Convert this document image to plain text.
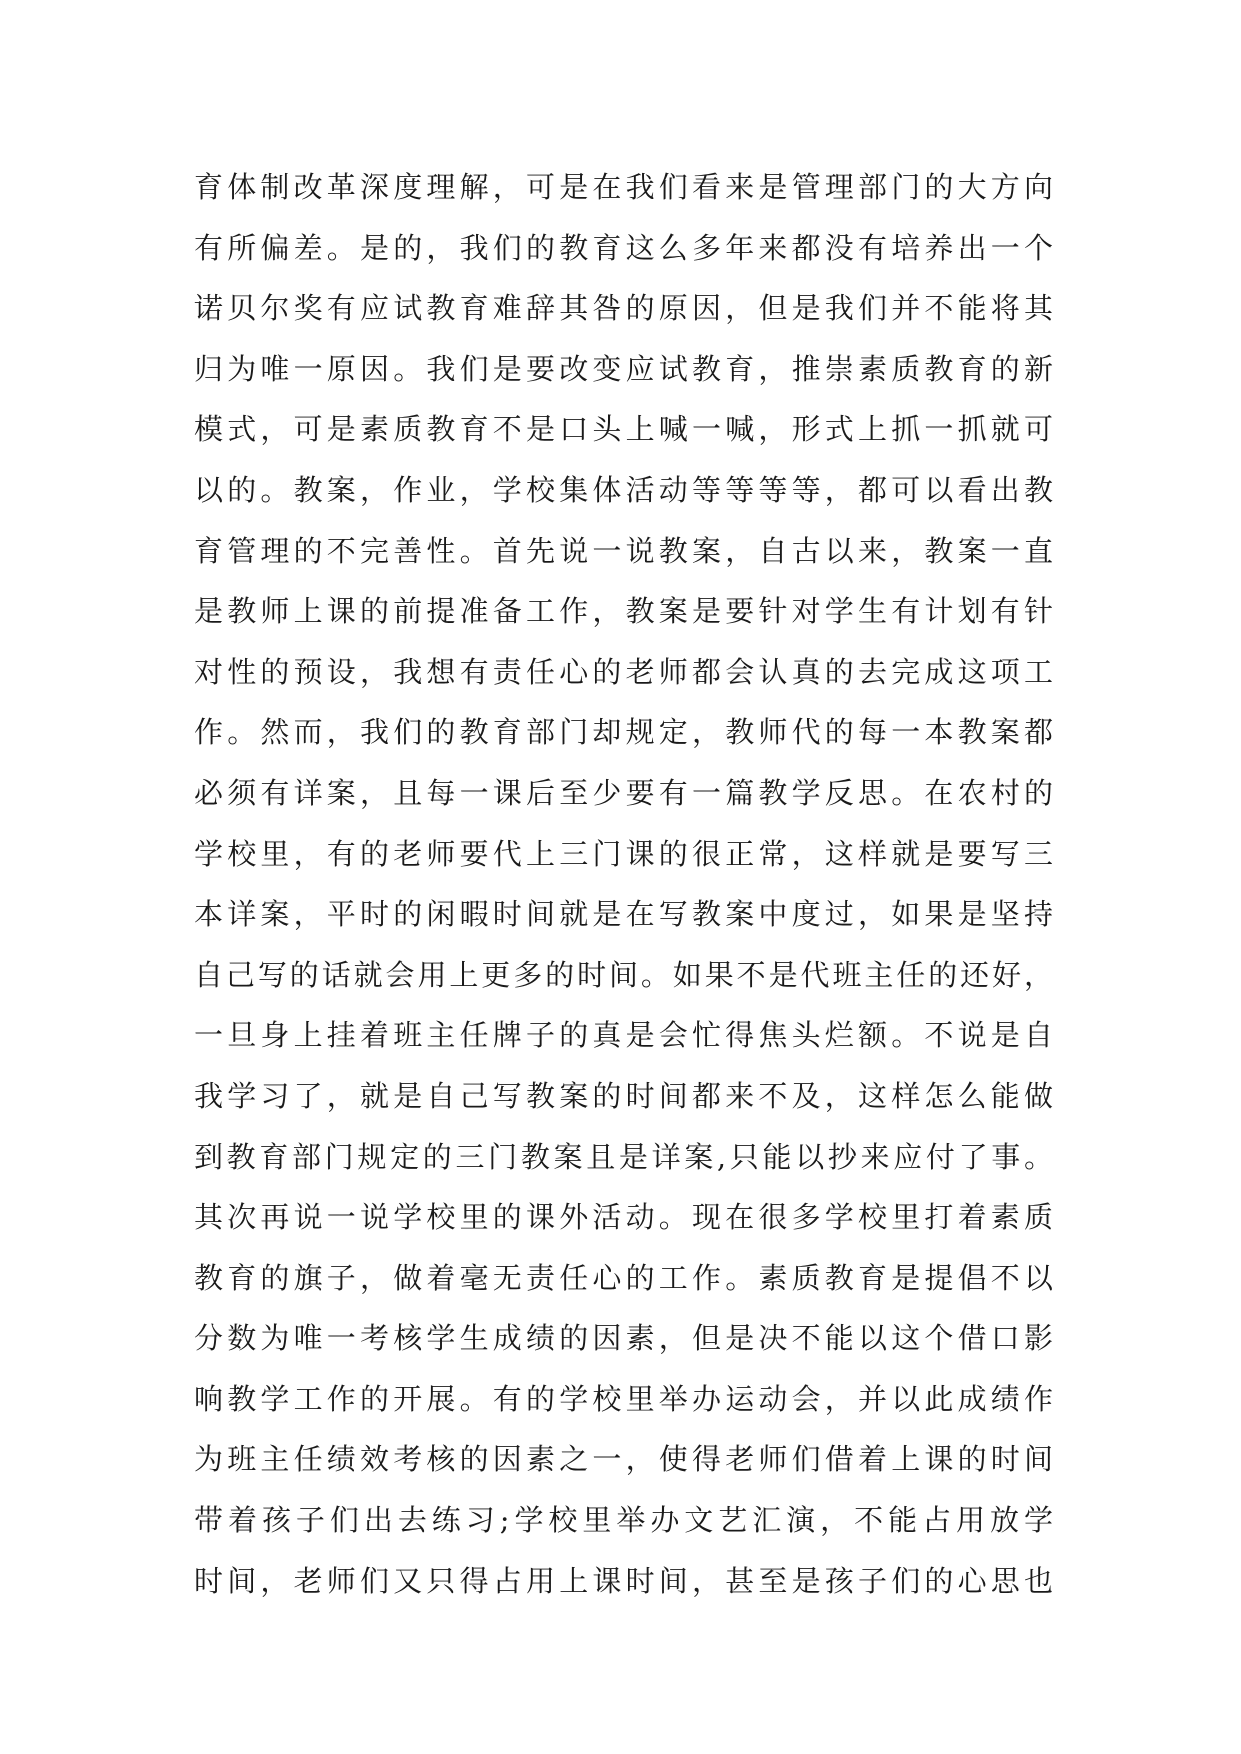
育体制改革深度理解，可是在我们看来是管理部门的大方向
有所偏差。是的，我们的教育这么多年来都没有培养出一个
诺贝尔奖有应试教育难辞其咎的原因，但是我们并不能将其
归为唯一原因。我们是要改变应试教育，推崇素质教育的新
模式，可是素质教育不是口头上喊一喊，形式上抓一抓就可
以的。教案，作业，学校集体活动等等等等，都可以看出教
育管理的不完善性。首先说一说教案，自古以来，教案一直
是教师上课的前提准备工作，教案是要针对学生有计划有针
对性的预设，我想有责任心的老师都会认真的去完成这项工
作。然而，我们的教育部门却规定，教师代的每一本教案都
必须有详案，且每一课后至少要有一篇教学反思。在农村的
学校里，有的老师要代上三门课的很正常，这样就是要写三
本详案，平时的闲暇时间就是在写教案中度过，如果是坚持
自己写的话就会用上更多的时间。如果不是代班主任的还好，
一旦身上挂着班主任牌子的真是会忙得焦头烂额。不说是自
我学习了，就是自己写教案的时间都来不及，这样怎么能做
到教育部门规定的三门教案且是详案,只能以抄来应付了事。
其次再说一说学校里的课外活动。现在很多学校里打着素质
教育的旗子，做着毫无责任心的工作。素质教育是提倡不以
分数为唯一考核学生成绩的因素，但是决不能以这个借口影
响教学工作的开展。有的学校里举办运动会，并以此成绩作
为班主任绩效考核的因素之一，使得老师们借着上课的时间
带着孩子们出去练习;学校里举办文艺汇演，不能占用放学
时间，老师们又只得占用上课时间，甚至是孩子们的心思也
